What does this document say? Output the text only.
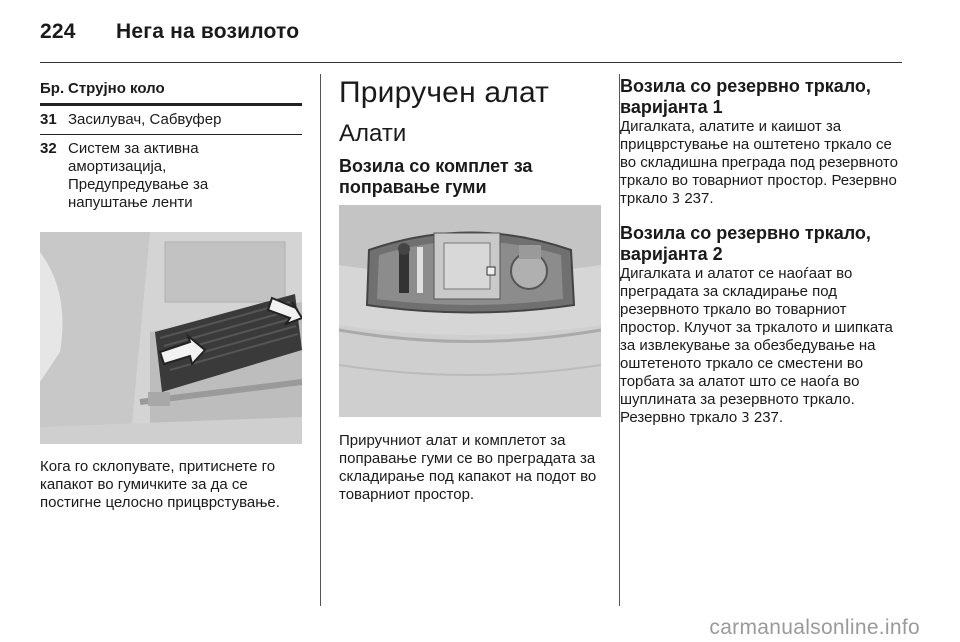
224 Нега на возилото
Бр. Струјно коло
31 Засилувач, Сабвуфер
32 Систем за активна амортизација, Предупредување за напуштање ленти
Кога го склопувате, притиснете го капакот во гумичките за да се постигне целосно прицврстување.
Приручен алат
Алати
Возила со комплет за поправање гуми
Приручниот алат и комплетот за поправање гуми се во преградата за складирање под капакот на подот во товарниот простор.
Возила со резервно тркало, варијанта 1
Дигалката, алатите и каишот за прицврстување на оштетено тркало се во складишна преграда под резервното тркало во товарниот простор. Резервно тркало 3 237.
Возила со резервно тркало, варијанта 2
Дигалката и алатот се наоѓаат во преградата за складирање под резервното тркало во товарниот простор. Клучот за тркалото и шипката за извлекување за обезбедување на оштетеното тркало се сместени во торбата за алатот што се наоѓа во шуплината за резервното тркало. Резервно тркало 3 237.
carmanualsonline.info
